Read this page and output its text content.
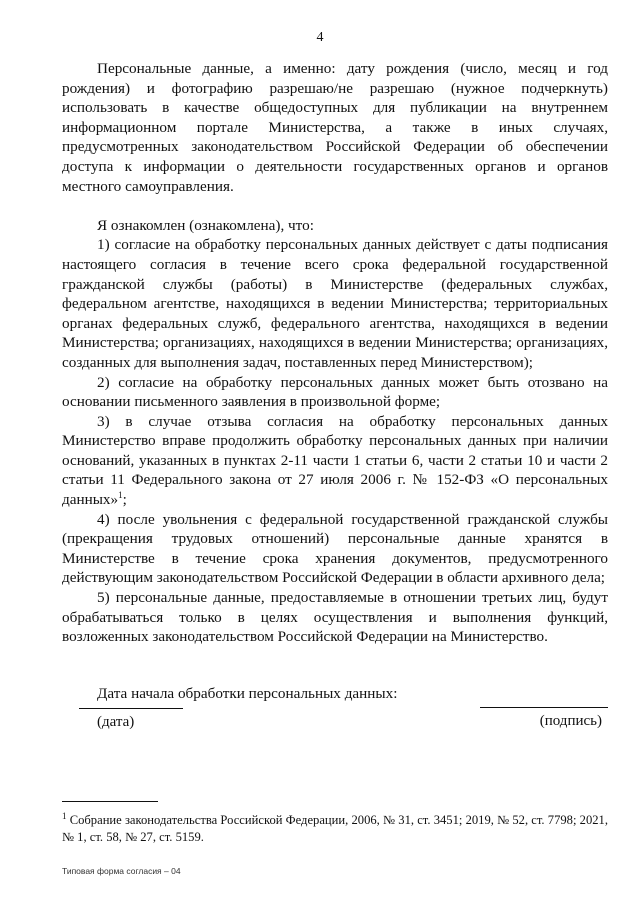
4

Персональные данные, а именно: дату рождения (число, месяц и год рождения) и фотографию разрешаю/не разрешаю (нужное подчеркнуть) использовать в качестве общедоступных для публикации на внутреннем информационном портале Министерства, а также в иных случаях, предусмотренных законодательством Российской Федерации об обеспечении доступа к информации о деятельности государственных органов и органов местного самоуправления.

Я ознакомлен (ознакомлена), что:

1) согласие на обработку персональных данных действует с даты подписания настоящего согласия в течение всего срока федеральной государственной гражданской службы (работы) в Министерстве (федеральных службах, федеральном агентстве, находящихся в ведении Министерства; территориальных органах федеральных служб, федерального агентства, находящихся в ведении Министерства; организациях, находящихся в ведении Министерства; организациях, созданных для выполнения задач, поставленных перед Министерством);

2) согласие на обработку персональных данных может быть отозвано на основании письменного заявления в произвольной форме;

3) в случае отзыва согласия на обработку персональных данных Министерство вправе продолжить обработку персональных данных при наличии оснований, указанных в пунктах 2-11 части 1 статьи 6, части 2 статьи 10 и части 2 статьи 11 Федерального закона от 27 июля 2006 г. № 152-ФЗ «О персональных данных»$^1$;

4) после увольнения с федеральной государственной гражданской службы (прекращения трудовых отношений) персональные данные хранятся в Министерстве в течение срока хранения документов, предусмотренного действующим законодательством Российской Федерации в области архивного дела;

5) персональные данные, предоставляемые в отношении третьих лиц, будут обрабатываться только в целях осуществления и выполнения функций, возложенных законодательством Российской Федерации на Министерство.

Дата начала обработки персональных данных:

(дата)	(подпись)
$^1$ Собрание законодательства Российской Федерации, 2006, № 31, ст. 3451; 2019, № 52, ст. 7798; 2021, № 1, ст. 58, № 27, ст. 5159.
Типовая форма согласия – 04
